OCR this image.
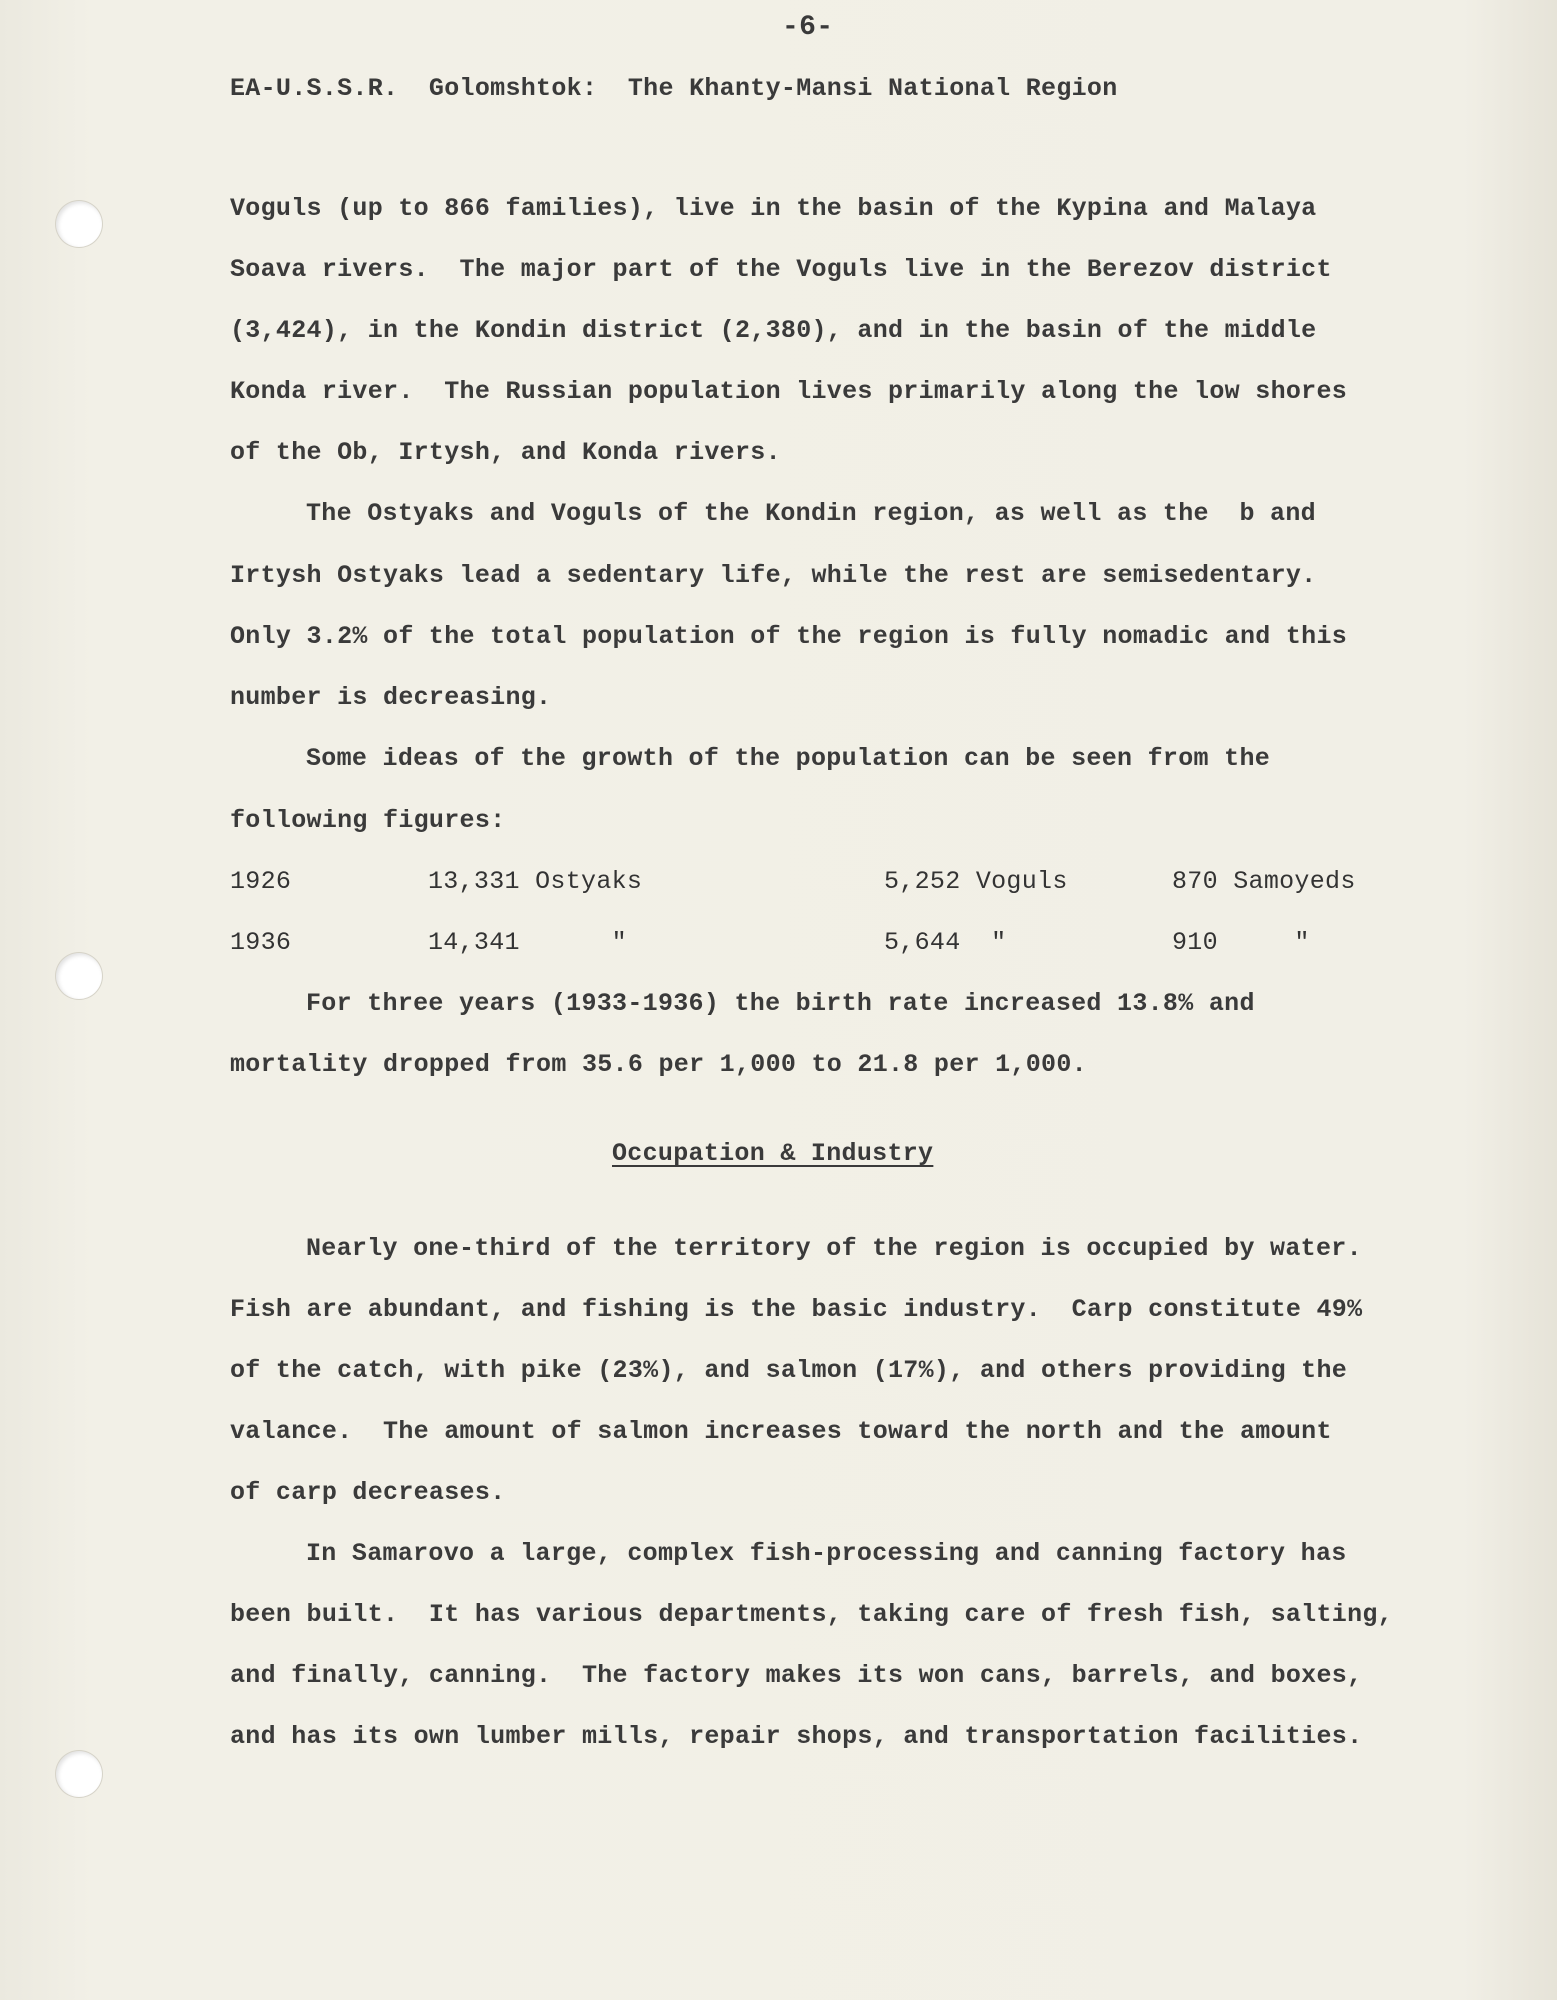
-6-
EA-U.S.S.R.  Golomshtok:  The Khanty-Mansi National Region
Voguls (up to 866 families), live in the basin of the Kypina and Malaya
Soava rivers.  The major part of the Voguls live in the Berezov district
(3,424), in the Kondin district (2,380), and in the basin of the middle
Konda river.  The Russian population lives primarily along the low shores
of the Ob, Irtysh, and Konda rivers.
The Ostyaks and Voguls of the Kondin region, as well as the  b and
Irtysh Ostyaks lead a sedentary life, while the rest are semisedentary.
Only 3.2% of the total population of the region is fully nomadic and this
number is decreasing.
Some ideas of the growth of the population can be seen from the
following figures:
1926	13,331 Ostyaks	5,252 Voguls	870 Samoyeds
1936	14,341      "	5,644  "	910     "
For three years (1933-1936) the birth rate increased 13.8% and
mortality dropped from 35.6 per 1,000 to 21.8 per 1,000.
Occupation & Industry
Nearly one-third of the territory of the region is occupied by water.
Fish are abundant, and fishing is the basic industry.  Carp constitute 49%
of the catch, with pike (23%), and salmon (17%), and others providing the
valance.  The amount of salmon increases toward the north and the amount
of carp decreases.
In Samarovo a large, complex fish-processing and canning factory has
been built.  It has various departments, taking care of fresh fish, salting,
and finally, canning.  The factory makes its won cans, barrels, and boxes,
and has its own lumber mills, repair shops, and transportation facilities.
